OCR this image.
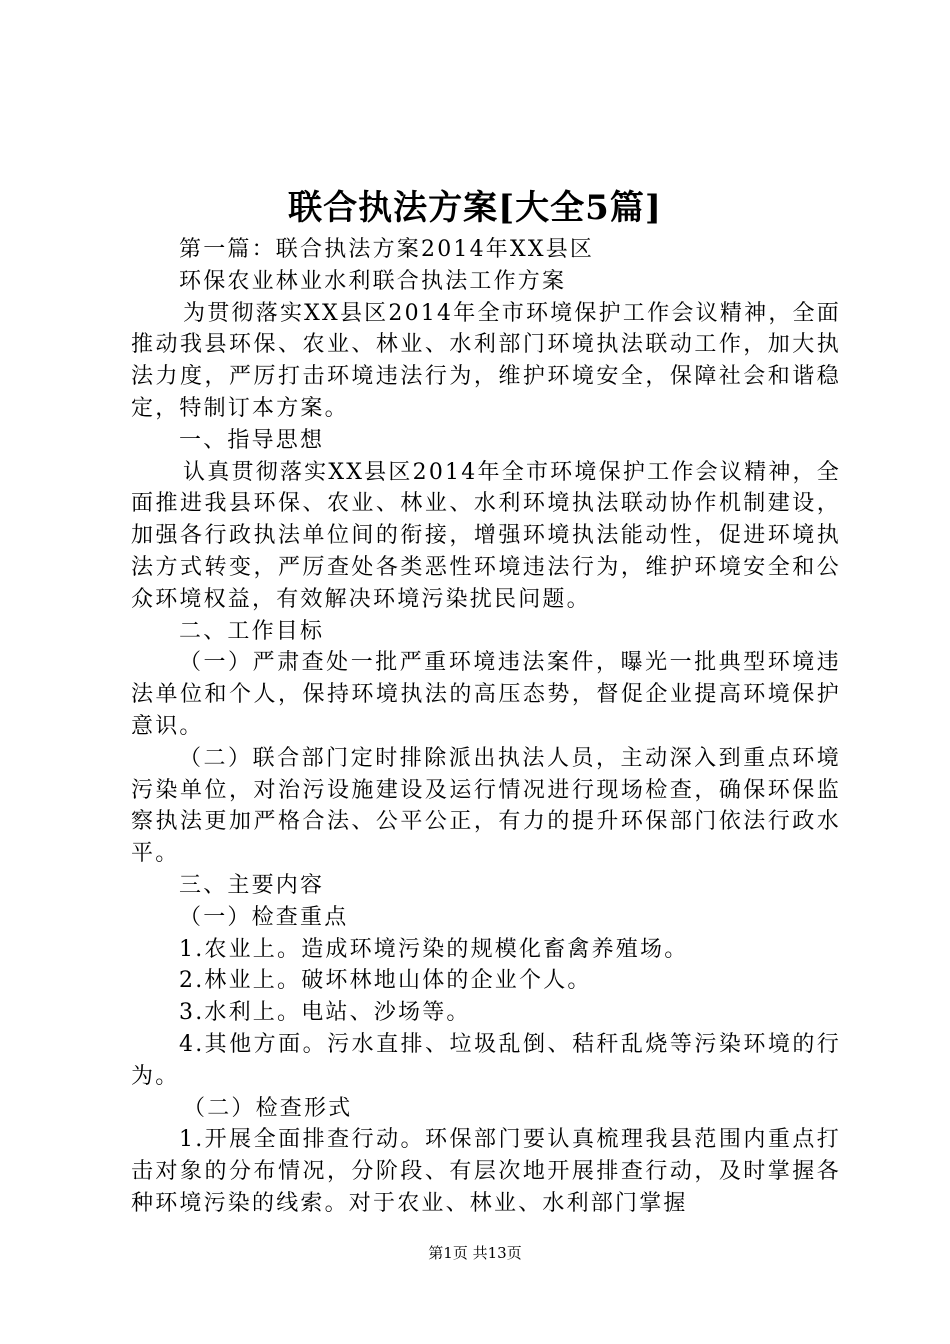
联合执法方案[大全5篇]

第一篇：联合执法方案2014年XX县区

环保农业林业水利联合执法工作方案

为贯彻落实XX县区2014年全市环境保护工作会议精神，全面推动我县环保、农业、林业、水利部门环境执法联动工作，加大执法力度，严厉打击环境违法行为，维护环境安全，保障社会和谐稳定，特制订本方案。

一、指导思想

认真贯彻落实XX县区2014年全市环境保护工作会议精神，全面推进我县环保、农业、林业、水利环境执法联动协作机制建设，加强各行政执法单位间的衔接，增强环境执法能动性，促进环境执法方式转变，严厉查处各类恶性环境违法行为，维护环境安全和公众环境权益，有效解决环境污染扰民问题。

二、工作目标

（一）严肃查处一批严重环境违法案件，曝光一批典型环境违法单位和个人，保持环境执法的高压态势，督促企业提高环境保护意识。

（二）联合部门定时排除派出执法人员，主动深入到重点环境污染单位，对治污设施建设及运行情况进行现场检查，确保环保监察执法更加严格合法、公平公正，有力的提升环保部门依法行政水平。

三、主要内容

（一）检查重点

1.农业上。造成环境污染的规模化畜禽养殖场。

2.林业上。破坏林地山体的企业个人。

3.水利上。电站、沙场等。

4.其他方面。污水直排、垃圾乱倒、秸秆乱烧等污染环境的行为。

（二）检查形式

1.开展全面排查行动。环保部门要认真梳理我县范围内重点打击对象的分布情况，分阶段、有层次地开展排查行动，及时掌握各种环境污染的线索。对于农业、林业、水利部门掌握

第1页 共13页
